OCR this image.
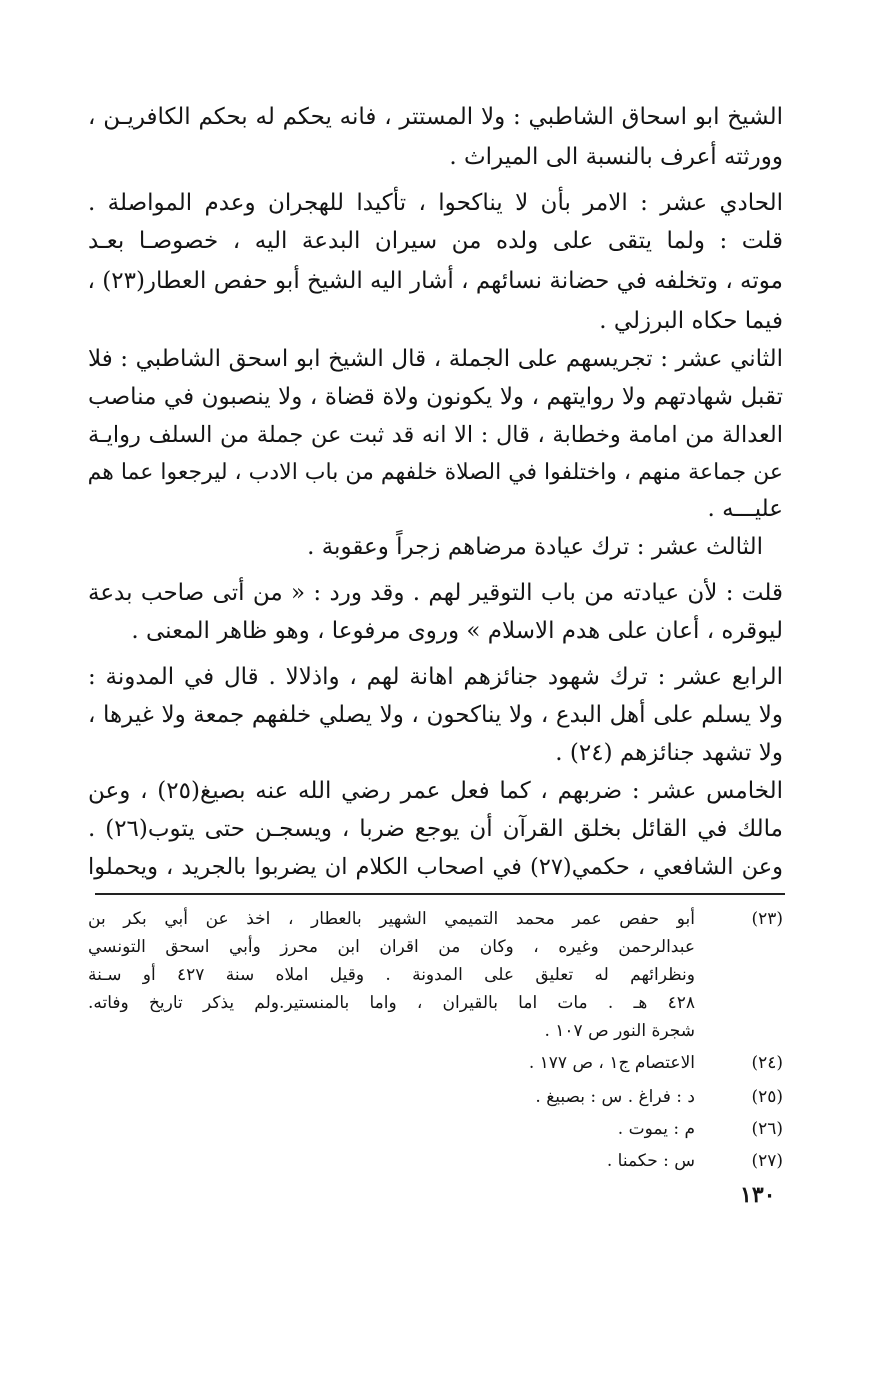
الشيخ ابو اسحاق الشاطبي : ولا المستتر ، فانه يحكم له بحكم الكافريـن ،
وورثته أعرف بالنسبة الى الميراث .
الحادي عشر : الامر بأن لا يناكحوا ، تأكيدا للهجران وعدم المواصلة .
قلت : ولما يتقى على ولده من سيران البدعة اليه ، خصوصـا بعـد
موته ، وتخلفه في حضانة نسائهم ، أشار اليه الشيخ أبو حفص العطار(٢٣) ،
فيما حكاه البرزلي .
الثاني عشر : تجريسهم على الجملة ، قال الشيخ ابو اسحق الشاطبي : فلا
تقبل شهادتهم ولا روايتهم ، ولا يكونون ولاة قضاة ، ولا ينصبون في مناصب
العدالة من امامة وخطابة ، قال : الا انه قد ثبت عن جملة من السلف روايـة
عن جماعة منهم ، واختلفوا في الصلاة خلفهم من باب الادب ، ليرجعوا عما هم
عليـــه .
الثالث عشر : ترك عيادة مرضاهم زجراً وعقوبة .
قلت : لأن عيادته من باب التوقير لهم . وقد ورد : « من أتى صاحب بدعة
ليوقره ، أعان على هدم الاسلام » وروى مرفوعا ، وهو ظاهر المعنى .
الرابع عشر : ترك شهود جنائزهم اهانة لهم ، واذلالا . قال في المدونة :
ولا يسلم على أهل البدع ، ولا يناكحون ، ولا يصلي خلفهم جمعة ولا غيرها ،
ولا تشهد جنائزهم (٢٤) .
الخامس عشر : ضربهم ، كما فعل عمر رضي الله عنه بصيغ(٢٥) ، وعن
مالك في القائل بخلق القرآن أن يوجع ضربا ، ويسجـن حتى يتوب(٢٦) .
وعن الشافعي ، حكمي(٢٧) في اصحاب الكلام ان يضربوا بالجريد ، ويحملوا
(٢٣)
أبو حفص عمر محمد التميمي الشهير بالعطار ، اخذ عن أبي بكر بن
عبدالرحمن وغيره ، وكان من اقران ابن محرز وأبي اسحق التونسي
ونظرائهم له تعليق على المدونة . وقيل املاه سنة ٤٢٧ أو سـنة
٤٢٨ هـ . مات اما بالقيران ، واما بالمنستير.ولم يذكر تاريخ وفاته.
شجرة النور ص ١٠٧ .
(٢٤)
الاعتصام ج١ ، ص ١٧٧ .
(٢٥)
د : فراغ . س : بصبيغ .
(٢٦)
م : يموت .
(٢٧)
س : حكمنا .
١٣٠
